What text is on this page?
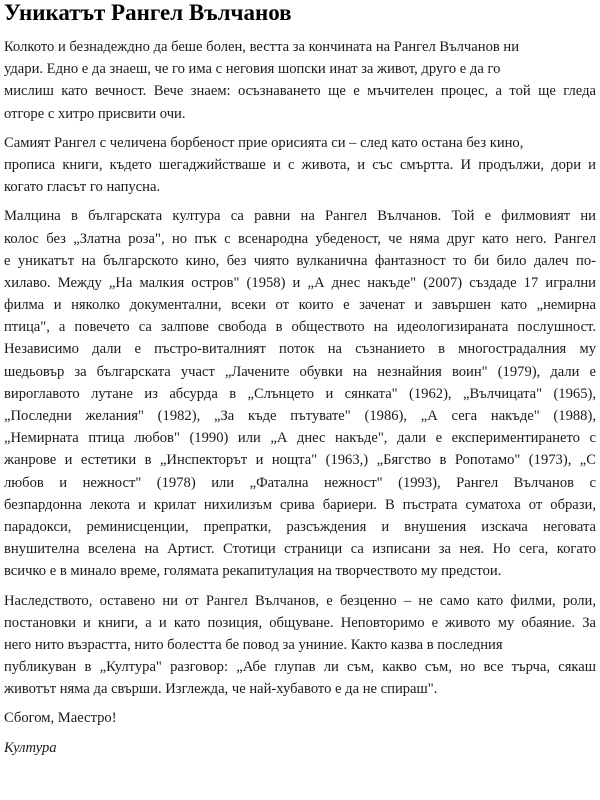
Уникатът Рангел Вълчанов
Колкото и безнадеждно да беше болен, вестта за кончината на Рангел Вълчанов ни
удари. Едно е да знаеш, че го има с неговия шопски инат за живот, друго е да го
мислиш като вечност. Вече знаем: осъзнаването ще е мъчителен процес, а той ще гледа
отгоре с хитро присвити очи.
Самият Рангел с челичена борбеност прие орисията си – след като остана без кино,
прописа книги, където шегаджийстваше и с живота, и със смъртта. И продължи, дори и
когато гласът го напусна.
Малцина в българската култура са равни на Рангел Вълчанов. Той е филмовият ни
колос без „Златна роза", но пък с всенародна убеденост, че няма друг като него. Рангел
е уникатът на българското кино, без чиято вулканична фантазност то би било далеч по-
хилаво. Между „На малкия остров" (1958) и „А днес накъде" (2007) създаде 17 игрални
филма и няколко документални, всеки от които е заченат и завършен като „немирна
птица", а повечето са залпове свобода в обществото на идеологизираната послушност.
Независимо дали е пъстро-виталният поток на съзнанието в многострадалния му
шедьовър за българската участ „Лачените обувки на незнайния воин" (1979), дали е
вироглавото лутане из абсурда в „Слънцето и сянката" (1962), „Вълчицата" (1965),
„Последни желания" (1982), „За къде пътувате" (1986), „А сега накъде" (1988),
„Немирната птица любов" (1990) или „А днес накъде", дали е експериментирането с
жанрове и естетики в „Инспекторът и нощта" (1963,) „Бягство в Ропотамо" (1973), „С
любов и нежност" (1978) или „Фатална нежност" (1993), Рангел Вълчанов с
безпардонна лекота и крилат нихилизъм срива бариери. В пъстрата суматоха от образи,
парадокси, реминисценции, препратки, разсъждения и внушения изскача неговата
внушителна вселена на Артист. Стотици страници са изписани за нея. Но сега, когато
всичко е в минало време, голямата рекапитулация на творчеството му предстои.
Наследството, оставено ни от Рангел Вълчанов, е безценно – не само като филми, роли,
постановки и книги, а и като позиция, общуване. Неповторимо е живото му обаяние. За
него нито възрастта, нито болестта бе повод за униние. Както казва в последния
публикуван в „Култура" разговор: „Абе глупав ли съм, какво съм, но все търча, сякаш
животът няма да свърши. Изглежда, че най-хубавото е да не спираш".
Сбогом, Маестро!
Култура
